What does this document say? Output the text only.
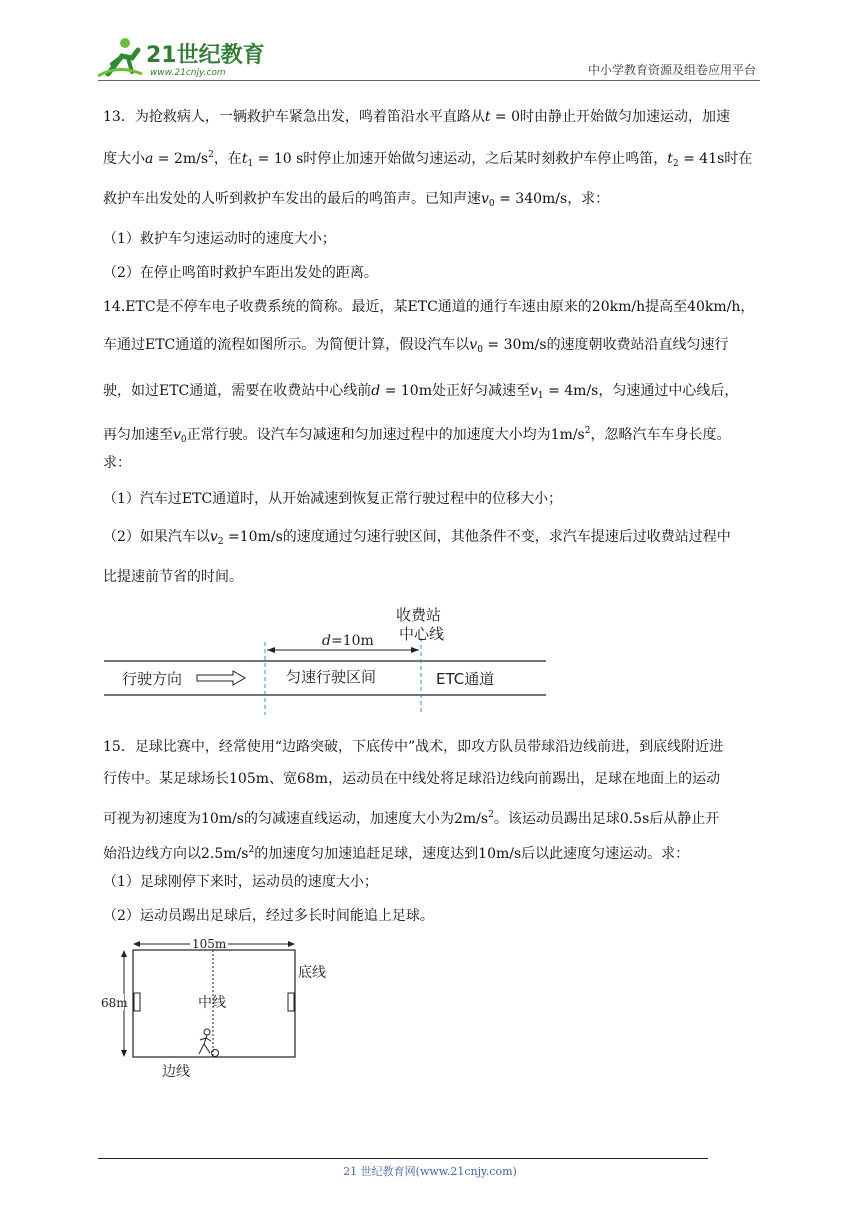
21世纪教育
www.21cnjy.com	中小学教育资源及组卷应用平台
13．为抢救病人，一辆救护车紧急出发，鸣着笛沿水平直路从t = 0时由静止开始做匀加速运动，加速
度大小$a = 2m/s^2$，在$t_1 = 10$ s时停止加速开始做匀速运动，之后某时刻救护车停止鸣笛，$t_2 = 41s$时在
救护车出发处的人听到救护车发出的最后的鸣笛声。已知声速$v_0 = 340m/s$，求：
（1）救护车匀速运动时的速度大小；
（2）在停止鸣笛时救护车距出发处的距离。
14.ETC是不停车电子收费系统的简称。最近，某ETC通道的通行车速由原来的20km/h提高至40km/h，
车通过ETC通道的流程如图所示。为简便计算，假设汽车以$v_0 = 30m/s$的速度朝收费站沿直线匀速行
驶，如过ETC通道，需要在收费站中心线前d = 10m处正好匀减速至$v_1 = 4m/s$，匀速通过中心线后，
再匀加速至$v_0$正常行驶。设汽车匀减速和匀加速过程中的加速度大小均为$1m/s^2$，忽略汽车车身长度。
求：
（1）汽车过ETC通道时，从开始减速到恢复正常行驶过程中的位移大小；
（2）如果汽车以$v_2 =10m/s$的速度通过匀速行驶区间，其他条件不变，求汽车提速后过收费站过程中
比提速前节省的时间。
收费站
中心线
d=10m
行驶方向	匀速行驶区间	ETC通道
15．足球比赛中，经常使用“边路突破，下底传中”战术，即攻方队员带球沿边线前进，到底线附近进
行传中。某足球场长105m、宽68m，运动员在中线处将足球沿边线向前踢出，足球在地面上的运动
可视为初速度为10m/s的匀减速直线运动，加速度大小为$2m/s^2$。该运动员踢出足球0.5s后从静止开
始沿边线方向以$2.5m/s^2$的加速度匀加速追赶足球，速度达到10m/s后以此速度匀速运动。求：
（1）足球刚停下来时，运动员的速度大小；
（2）运动员踢出足球后，经过多长时间能追上足球。
105m
68m	中线
底线
边线
21 世纪教育网(www.21cnjy.com)
